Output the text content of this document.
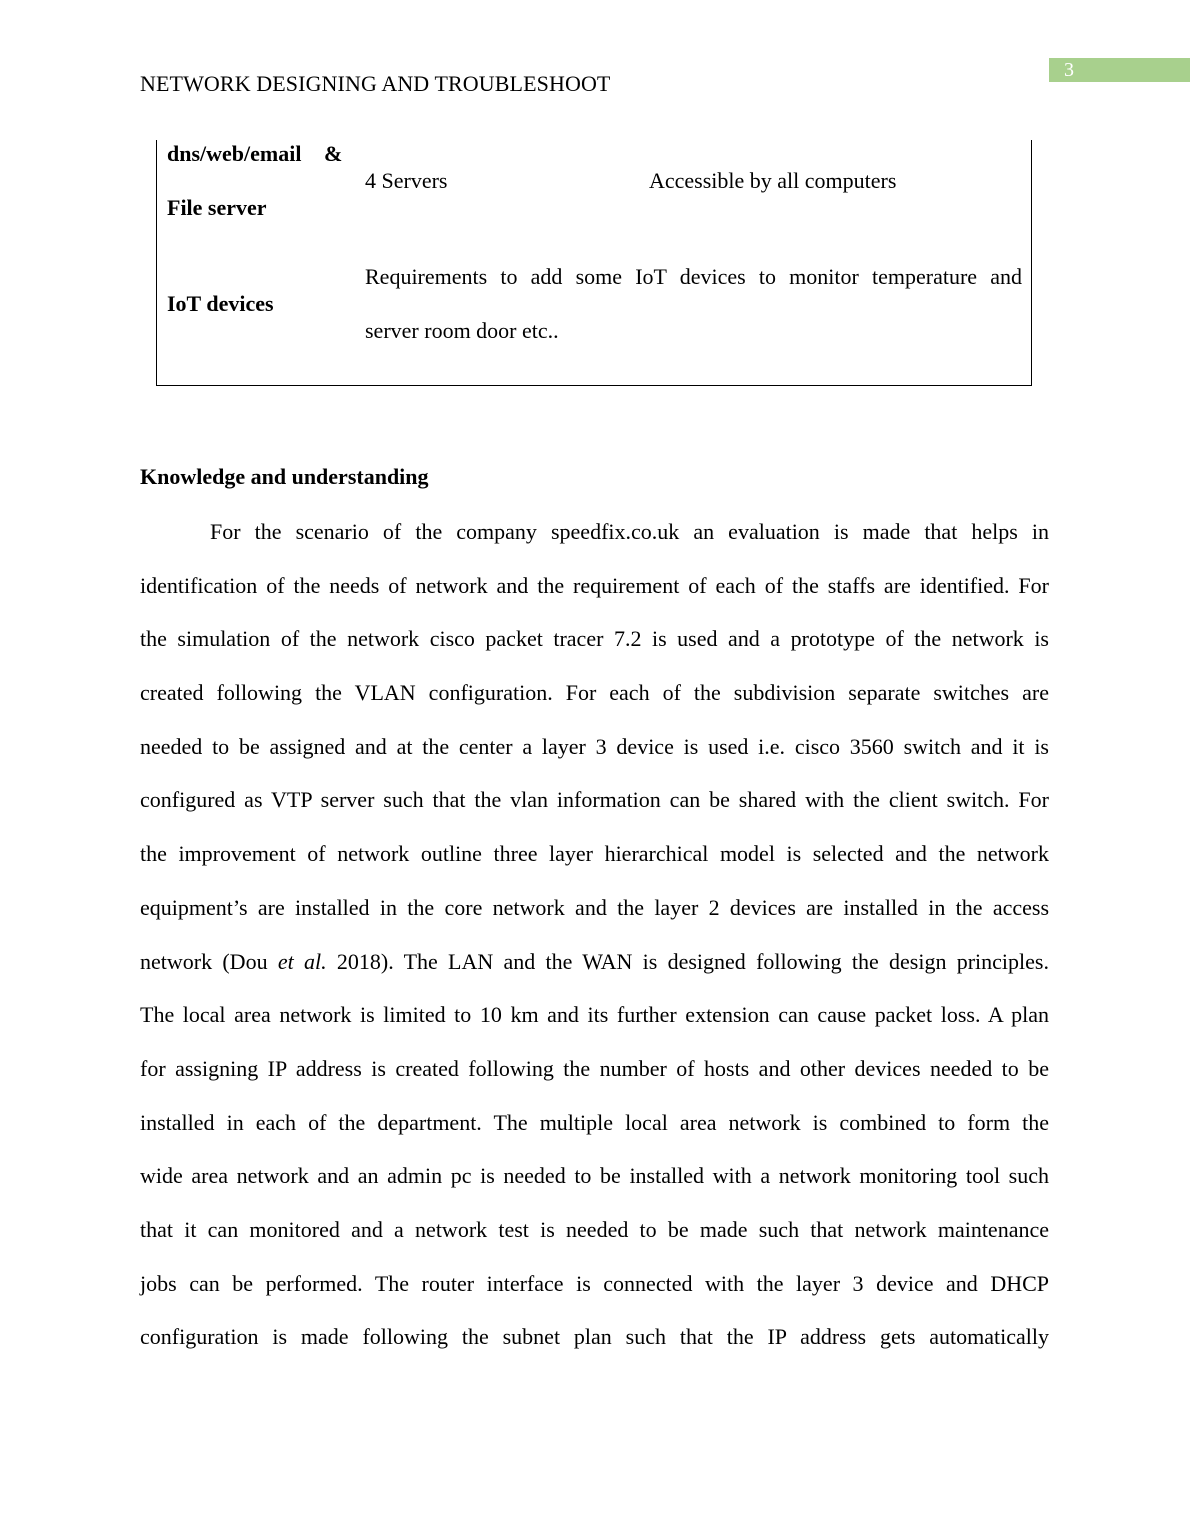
3
NETWORK DESIGNING AND TROUBLESHOOT
dns/web/email &
File server
4 Servers	Accessible by all computers
IoT devices
Requirements to add some IoT devices to monitor temperature and
server room door etc..
Knowledge and understanding
For the scenario of the company speedfix.co.uk an evaluation is made that helps in
identification of the needs of network and the requirement of each of the staffs are identified. For
the simulation of the network cisco packet tracer 7.2 is used and a prototype of the network is
created following the VLAN configuration. For each of the subdivision separate switches are
needed to be assigned and at the center a layer 3 device is used i.e. cisco 3560 switch and it is
configured as VTP server such that the vlan information can be shared with the client switch. For
the improvement of network outline three layer hierarchical model is selected and the network
equipment’s are installed in the core network and the layer 2 devices are installed in the access
network (Dou et al. 2018). The LAN and the WAN is designed following the design principles.
The local area network is limited to 10 km and its further extension can cause packet loss. A plan
for assigning IP address is created following the number of hosts and other devices needed to be
installed in each of the department. The multiple local area network is combined to form the
wide area network and an admin pc is needed to be installed with a network monitoring tool such
that it can monitored and a network test is needed to be made such that network maintenance
jobs can be performed. The router interface is connected with the layer 3 device and DHCP
configuration is made following the subnet plan such that the IP address gets automatically
